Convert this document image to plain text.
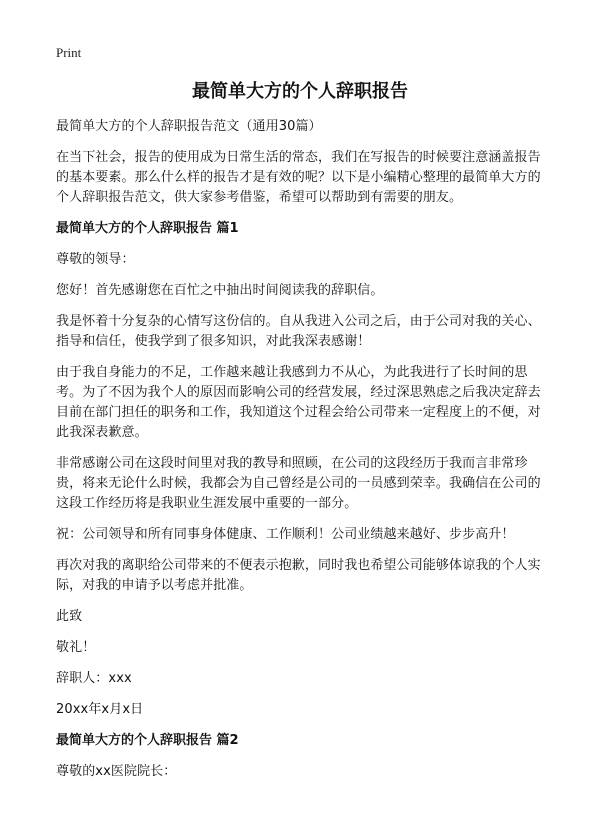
Print
最简单大方的个人辞职报告
最简单大方的个人辞职报告范文（通用30篇）
在当下社会，报告的使用成为日常生活的常态，我们在写报告的时候要注意涵盖报告的基本要素。那么什么样的报告才是有效的呢？以下是小编精心整理的最简单大方的个人辞职报告范文，供大家参考借鉴，希望可以帮助到有需要的朋友。
最简单大方的个人辞职报告 篇1
尊敬的领导：
您好！首先感谢您在百忙之中抽出时间阅读我的辞职信。
我是怀着十分复杂的心情写这份信的。自从我进入公司之后，由于公司对我的关心、指导和信任，使我学到了很多知识，对此我深表感谢！
由于我自身能力的不足，工作越来越让我感到力不从心，为此我进行了长时间的思考。为了不因为我个人的原因而影响公司的经营发展，经过深思熟虑之后我决定辞去目前在部门担任的职务和工作，我知道这个过程会给公司带来一定程度上的不便，对此我深表歉意。
非常感谢公司在这段时间里对我的教导和照顾，在公司的这段经历于我而言非常珍贵，将来无论什么时候，我都会为自己曾经是公司的一员感到荣幸。我确信在公司的这段工作经历将是我职业生涯发展中重要的一部分。
祝：公司领导和所有同事身体健康、工作顺利！公司业绩越来越好、步步高升！
再次对我的离职给公司带来的不便表示抱歉，同时我也希望公司能够体谅我的个人实际，对我的申请予以考虑并批准。
此致
敬礼！
辞职人：xxx
20xx年x月x日
最简单大方的个人辞职报告 篇2
尊敬的xx医院院长：
